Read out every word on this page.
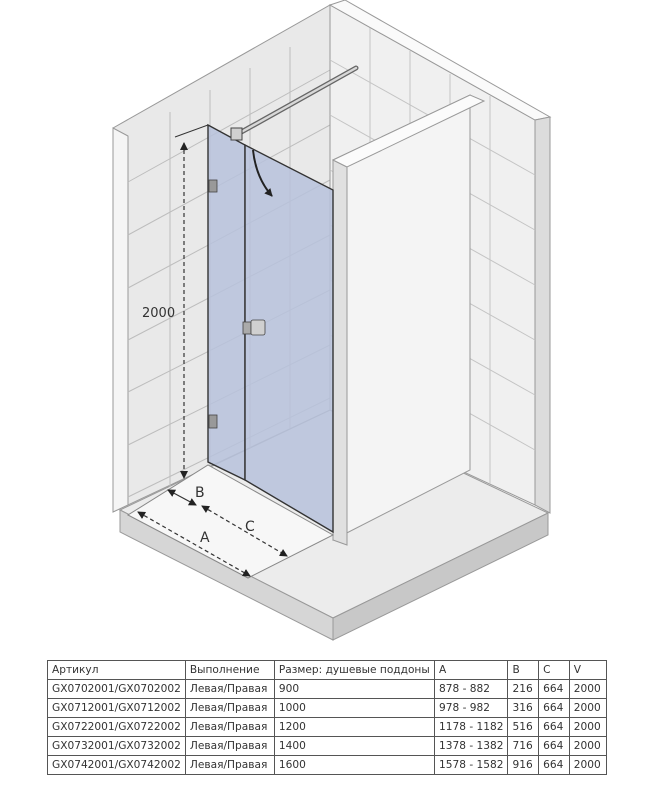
2000
A
B
C
Артикул	Выполнение	Размер: душевые поддоны	A	B	C	V
GX0702001/GX0702002	Левая/Правая	900	878 - 882	216	664	2000
GX0712001/GX0712002	Левая/Правая	1000	978 - 982	316	664	2000
GX0722001/GX0722002	Левая/Правая	1200	1178 - 1182	516	664	2000
GX0732001/GX0732002	Левая/Правая	1400	1378 - 1382	716	664	2000
GX0742001/GX0742002	Левая/Правая	1600	1578 - 1582	916	664	2000
